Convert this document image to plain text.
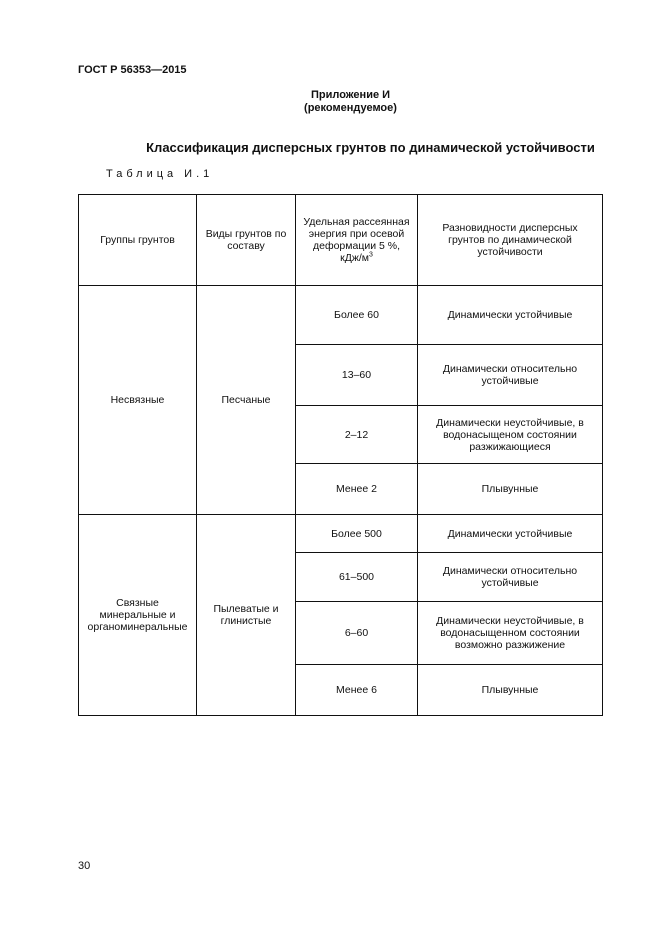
ГОСТ Р 56353—2015
Приложение И
(рекомендуемое)
Классификация дисперсных грунтов по динамической устойчивости
Таблица И.1
Группы грунтов	Виды грунтов по составу	Удельная рассеянная энергия при осевой деформации 5 %, кДж/$м^3$	Разновидности дисперсных грунтов по динамической устойчивости
Несвязные	Песчаные	Более 60	Динамически устойчивые
		13–60	Динамически относительно устойчивые
		2–12	Динамически неустойчивые, в водонасыщеном состоянии разжижающиеся
		Менее 2	Плывунные
Связные минеральные и органоминеральные	Пылеватые и глинистые	Более 500	Динамически устойчивые
		61–500	Динамически относительно устойчивые
		6–60	Динамически неустойчивые, в водонасыщенном состоянии возможно разжижение
		Менее 6	Плывунные
30
